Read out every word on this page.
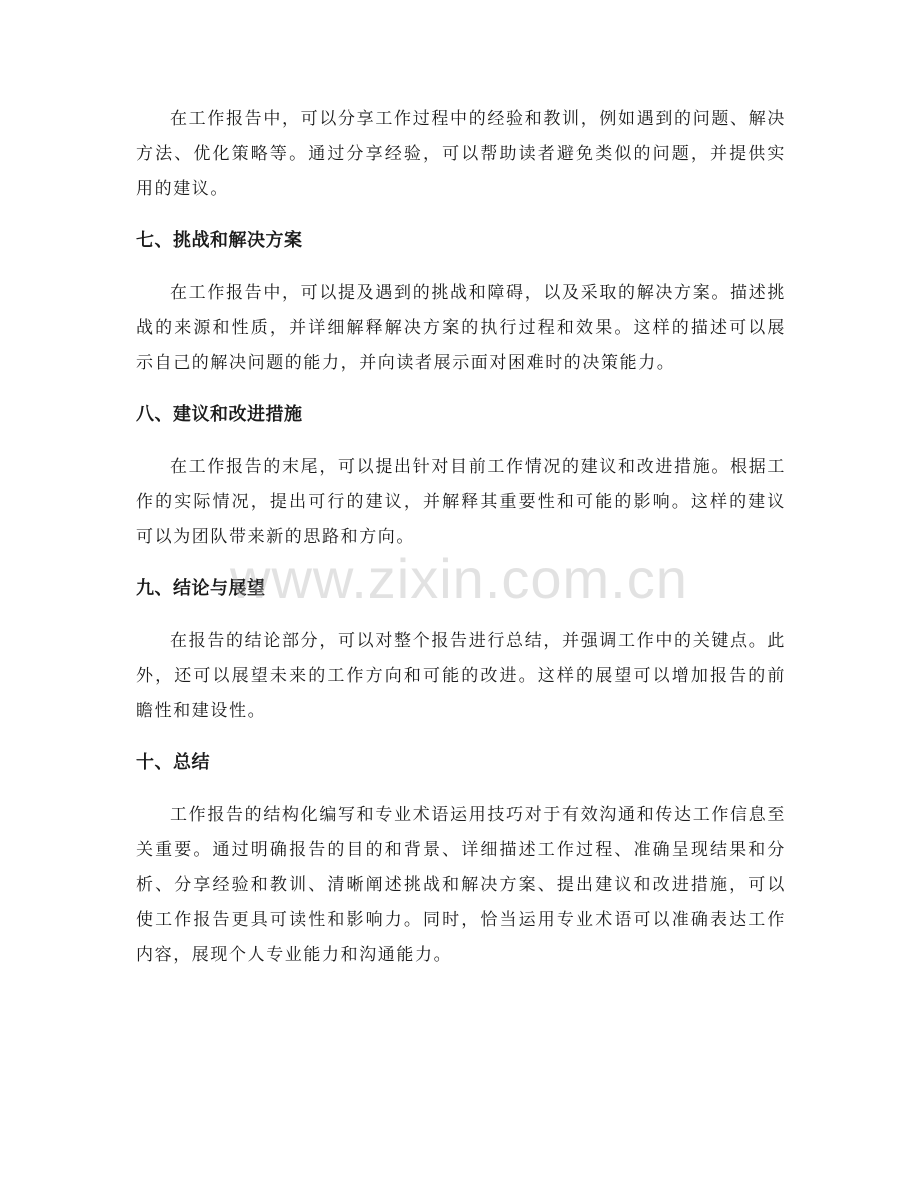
在工作报告中，可以分享工作过程中的经验和教训，例如遇到的问题、解决方法、优化策略等。通过分享经验，可以帮助读者避免类似的问题，并提供实用的建议。

七、挑战和解决方案

在工作报告中，可以提及遇到的挑战和障碍，以及采取的解决方案。描述挑战的来源和性质，并详细解释解决方案的执行过程和效果。这样的描述可以展示自己的解决问题的能力，并向读者展示面对困难时的决策能力。

八、建议和改进措施

在工作报告的末尾，可以提出针对目前工作情况的建议和改进措施。根据工作的实际情况，提出可行的建议，并解释其重要性和可能的影响。这样的建议可以为团队带来新的思路和方向。

九、结论与展望

在报告的结论部分，可以对整个报告进行总结，并强调工作中的关键点。此外，还可以展望未来的工作方向和可能的改进。这样的展望可以增加报告的前瞻性和建设性。

十、总结

工作报告的结构化编写和专业术语运用技巧对于有效沟通和传达工作信息至关重要。通过明确报告的目的和背景、详细描述工作过程、准确呈现结果和分析、分享经验和教训、清晰阐述挑战和解决方案、提出建议和改进措施，可以使工作报告更具可读性和影响力。同时，恰当运用专业术语可以准确表达工作内容，展现个人专业能力和沟通能力。

www.zixin.com.cn
